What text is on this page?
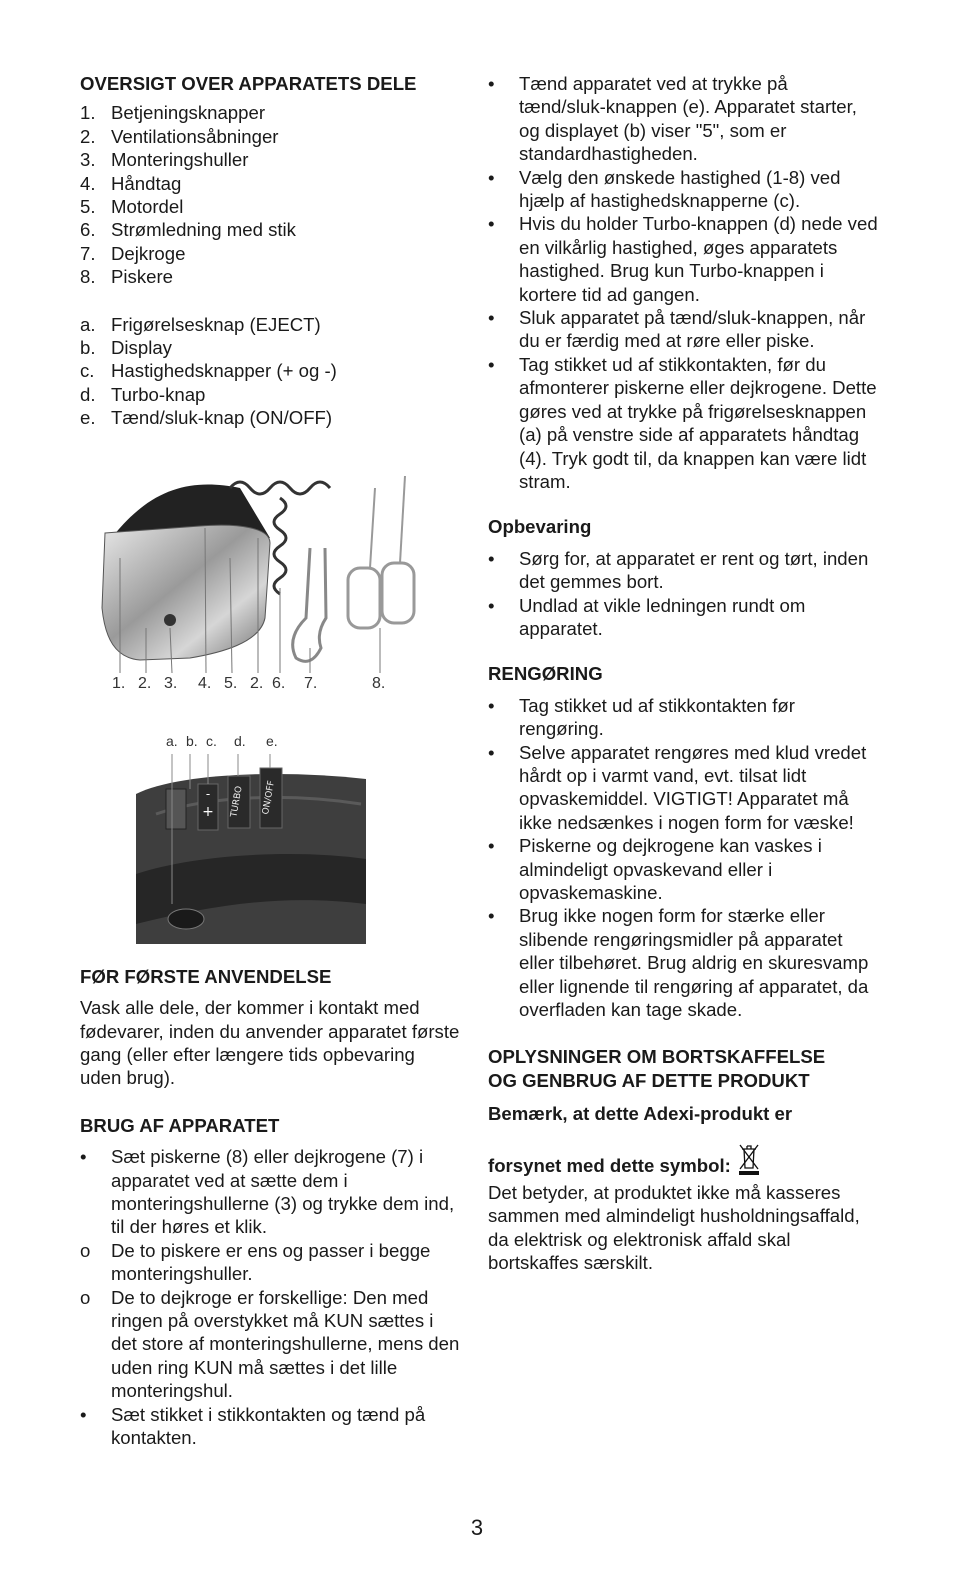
OVERSIGT OVER APPARATETS DELE
1. Betjeningsknapper
2. Ventilationsåbninger
3. Monteringshuller
4. Håndtag
5. Motordel
6. Strømledning med stik
7. Dejkroge
8. Piskere
a. Frigørelsesknap (EJECT)
b. Display
c. Hastighedsknapper (+ og -)
d. Turbo-knap
e. Tænd/sluk-knap (ON/OFF)
1. 2. 3. 4. 5. 2. 6. 7.	8.
a. b. c. d. e.
+
- TURBO ON/OFF
FØR FØRSTE ANVENDELSE

Vask alle dele, der kommer i kontakt med fødevarer, inden du anvender apparatet første gang (eller efter længere tids opbevaring uden brug).

BRUG AF APPARATET
•	Sæt piskerne (8) eller dejkrogene (7) i apparatet ved at sætte dem i monteringshullerne (3) og trykke dem ind, til der høres et klik.
o	De to piskere er ens og passer i begge monteringshuller.
o	De to dejkroge er forskellige: Den med ringen på overstykket må KUN sættes i det store af monteringshullerne, mens den uden ring KUN må sættes i det lille monteringshul.
•	Sæt stikket i stikkontakten og tænd på kontakten.
•	Tænd apparatet ved at trykke på tænd/sluk-knappen (e). Apparatet starter, og displayet (b) viser "5", som er standardhastigheden.
•	Vælg den ønskede hastighed (1-8) ved hjælp af hastighedsknapperne (c).
•	Hvis du holder Turbo-knappen (d) nede ved en vilkårlig hastighed, øges apparatets hastighed. Brug kun Turbo-knappen i kortere tid ad gangen.
•	Sluk apparatet på tænd/sluk-knappen, når du er færdig med at røre eller piske.
•	Tag stikket ud af stikkontakten, før du afmonterer piskerne eller dejkrogene. Dette gøres ved at trykke på frigørelsesknappen (a) på venstre side af apparatets håndtag (4). Tryk godt til, da knappen kan være lidt stram.
Opbevaring
•	Sørg for, at apparatet er rent og tørt, inden det gemmes bort.
•	Undlad at vikle ledningen rundt om apparatet.
RENGØRING
•	Tag stikket ud af stikkontakten før rengøring.
•	Selve apparatet rengøres med klud vredet hårdt op i varmt vand, evt. tilsat lidt opvaskemiddel. VIGTIGT! Apparatet må ikke nedsænkes i nogen form for væske!
•	Piskerne og dejkrogene kan vaskes i almindeligt opvaskevand eller i opvaskemaskine.
•	Brug ikke nogen form for stærke eller slibende rengøringsmidler på apparatet eller tilbehøret. Brug aldrig en skuresvamp eller lignende til rengøring af apparatet, da overfladen kan tage skade.
OPLYSNINGER OM BORTSKAFFELSE
OG GENBRUG AF DETTE PRODUKT

Bemærk, at dette Adexi-produkt er

forsynet med dette symbol:

Det betyder, at produktet ikke må kasseres sammen med almindeligt husholdningsaffald, da elektrisk og elektronisk affald skal bortskaffes særskilt.

3
